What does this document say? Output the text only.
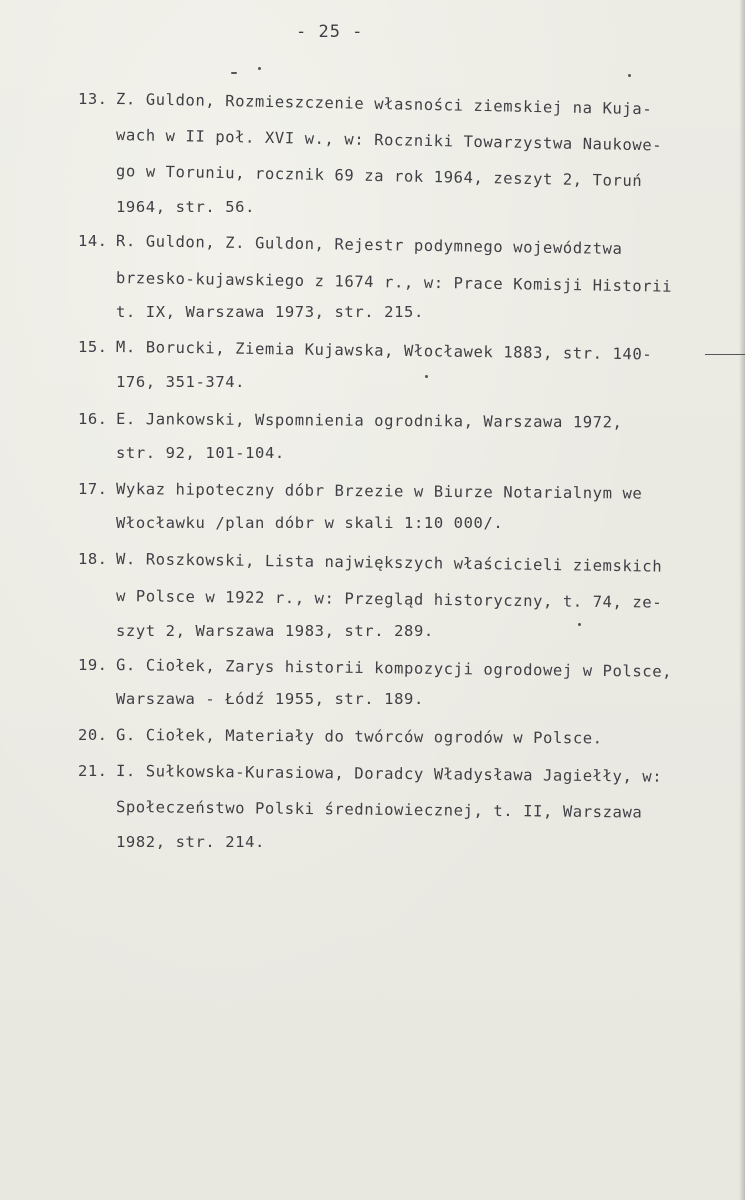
- 25 -
13. Z. Guldon, Rozmieszczenie własności ziemskiej na Kuja-
wach w II poł. XVI w., w: Roczniki Towarzystwa Naukowe-
go w Toruniu, rocznik 69 za rok 1964, zeszyt 2, Toruń
1964, str. 56.
14. R. Guldon, Z. Guldon, Rejestr podymnego województwa
brzesko-kujawskiego z 1674 r., w: Prace Komisji Historii
t. IX, Warszawa 1973, str. 215.
15. M. Borucki, Ziemia Kujawska, Włocławek 1883, str. 140-
176, 351-374.
16. E. Jankowski, Wspomnienia ogrodnika, Warszawa 1972,
str. 92, 101-104.
17. Wykaz hipoteczny dóbr Brzezie w Biurze Notarialnym we
Włocławku /plan dóbr w skali 1:10 000/.
18. W. Roszkowski, Lista największych właścicieli ziemskich
w Polsce w 1922 r., w: Przegląd historyczny, t. 74, ze-
szyt 2, Warszawa 1983, str. 289.
19. G. Ciołek, Zarys historii kompozycji ogrodowej w Polsce,
Warszawa - Łódź 1955, str. 189.
20. G. Ciołek, Materiały do twórców ogrodów w Polsce.
21. I. Sułkowska-Kurasiowa, Doradcy Władysława Jagiełły, w:
Społeczeństwo Polski średniowiecznej, t. II, Warszawa
1982, str. 214.
